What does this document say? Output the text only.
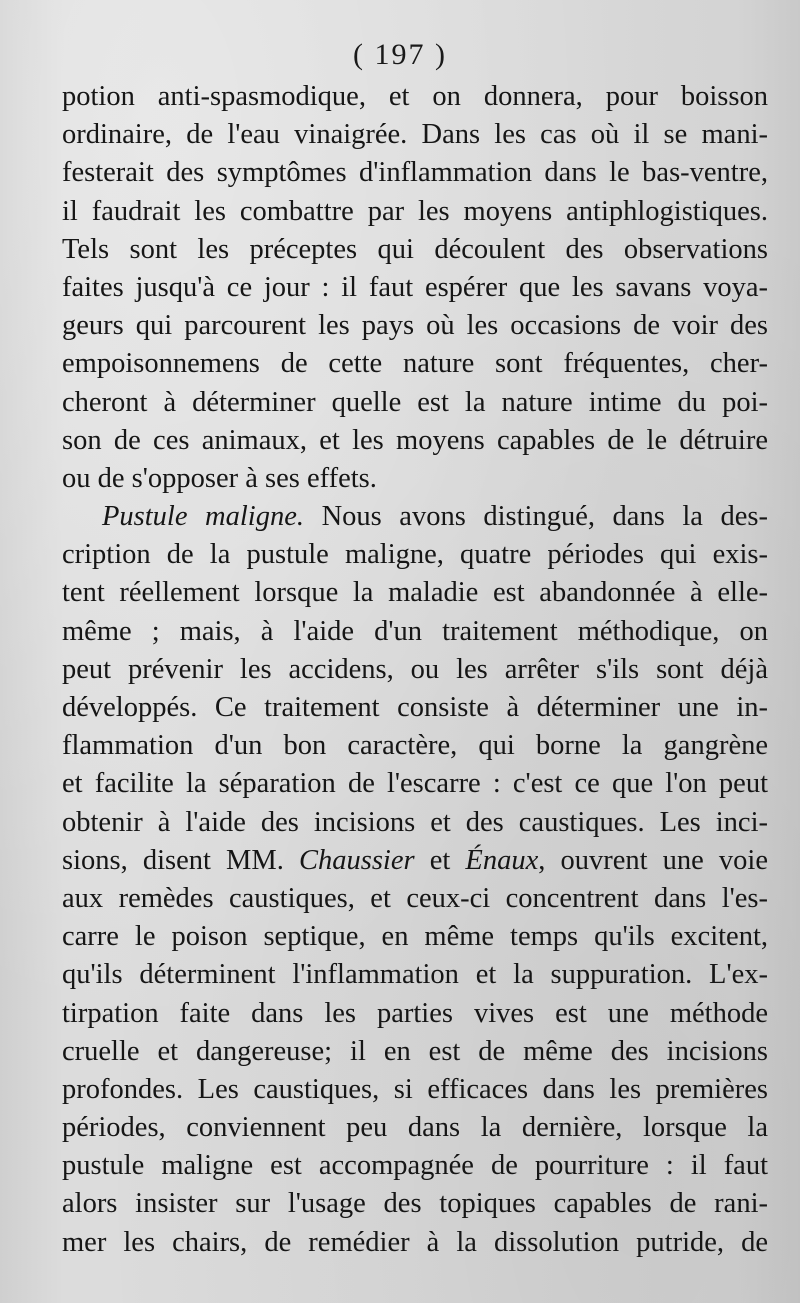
( 197 )
potion anti-spasmodique, et on donnera, pour boisson
ordinaire, de l'eau vinaigrée. Dans les cas où il se mani-
festerait des symptômes d'inflammation dans le bas-ventre,
il faudrait les combattre par les moyens antiphlogistiques.
Tels sont les préceptes qui découlent des observations
faites jusqu'à ce jour : il faut espérer que les savans voya-
geurs qui parcourent les pays où les occasions de voir des
empoisonnemens de cette nature sont fréquentes, cher-
cheront à déterminer quelle est la nature intime du poi-
son de ces animaux, et les moyens capables de le détruire
ou de s'opposer à ses effets.
Pustule maligne. Nous avons distingué, dans la des-
cription de la pustule maligne, quatre périodes qui exis-
tent réellement lorsque la maladie est abandonnée à elle-
même ; mais, à l'aide d'un traitement méthodique, on
peut prévenir les accidens, ou les arrêter s'ils sont déjà
développés. Ce traitement consiste à déterminer une in-
flammation d'un bon caractère, qui borne la gangrène
et facilite la séparation de l'escarre : c'est ce que l'on peut
obtenir à l'aide des incisions et des caustiques. Les inci-
sions, disent MM. Chaussier et Énaux, ouvrent une voie
aux remèdes caustiques, et ceux-ci concentrent dans l'es-
carre le poison septique, en même temps qu'ils excitent,
qu'ils déterminent l'inflammation et la suppuration. L'ex-
tirpation faite dans les parties vives est une méthode
cruelle et dangereuse; il en est de même des incisions
profondes. Les caustiques, si efficaces dans les premières
périodes, conviennent peu dans la dernière, lorsque la
pustule maligne est accompagnée de pourriture : il faut
alors insister sur l'usage des topiques capables de rani-
mer les chairs, de remédier à la dissolution putride, de
